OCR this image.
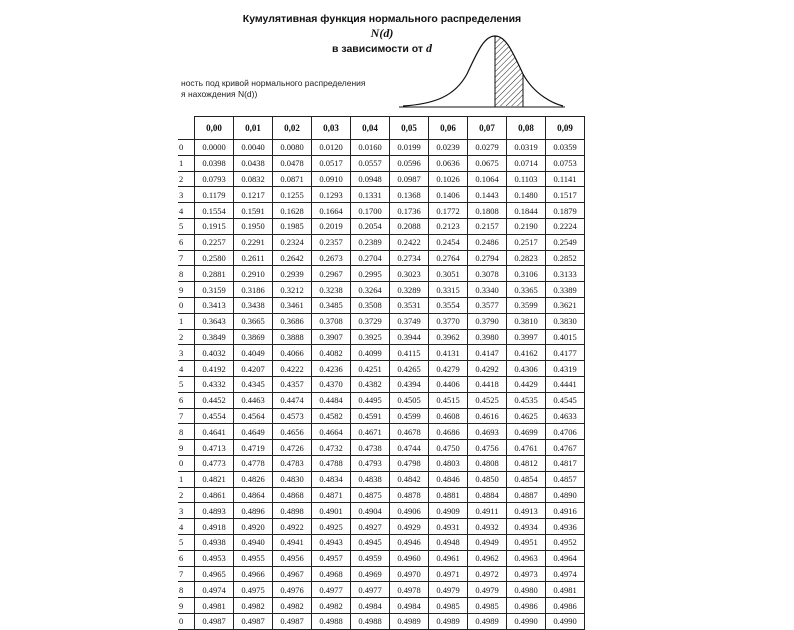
Кумулятивная функция нормального распределения N(d)
в зависимости от d
ность под кривой нормального распределения
я нахождения N(d))
	0,00	0,01	0,02	0,03	0,04	0,05	0,06	0,07	0,08	0,09
0	0.0000	0.0040	0.0080	0.0120	0.0160	0.0199	0.0239	0.0279	0.0319	0.0359
1	0.0398	0.0438	0.0478	0.0517	0.0557	0.0596	0.0636	0.0675	0.0714	0.0753
2	0.0793	0.0832	0.0871	0.0910	0.0948	0.0987	0.1026	0.1064	0.1103	0.1141
3	0.1179	0.1217	0.1255	0.1293	0.1331	0.1368	0.1406	0.1443	0.1480	0.1517
4	0.1554	0.1591	0.1628	0.1664	0.1700	0.1736	0.1772	0.1808	0.1844	0.1879
5	0.1915	0.1950	0.1985	0.2019	0.2054	0.2088	0.2123	0.2157	0.2190	0.2224
6	0.2257	0.2291	0.2324	0.2357	0.2389	0.2422	0.2454	0.2486	0.2517	0.2549
7	0.2580	0.2611	0.2642	0.2673	0.2704	0.2734	0.2764	0.2794	0.2823	0.2852
8	0.2881	0.2910	0.2939	0.2967	0.2995	0.3023	0.3051	0.3078	0.3106	0.3133
9	0.3159	0.3186	0.3212	0.3238	0.3264	0.3289	0.3315	0.3340	0.3365	0.3389
0	0.3413	0.3438	0.3461	0.3485	0.3508	0.3531	0.3554	0.3577	0.3599	0.3621
1	0.3643	0.3665	0.3686	0.3708	0.3729	0.3749	0.3770	0.3790	0.3810	0.3830
2	0.3849	0.3869	0.3888	0.3907	0.3925	0.3944	0.3962	0.3980	0.3997	0.4015
3	0.4032	0.4049	0.4066	0.4082	0.4099	0.4115	0.4131	0.4147	0.4162	0.4177
4	0.4192	0.4207	0.4222	0.4236	0.4251	0.4265	0.4279	0.4292	0.4306	0.4319
5	0.4332	0.4345	0.4357	0.4370	0.4382	0.4394	0.4406	0.4418	0.4429	0.4441
6	0.4452	0.4463	0.4474	0.4484	0.4495	0.4505	0.4515	0.4525	0.4535	0.4545
7	0.4554	0.4564	0.4573	0.4582	0.4591	0.4599	0.4608	0.4616	0.4625	0.4633
8	0.4641	0.4649	0.4656	0.4664	0.4671	0.4678	0.4686	0.4693	0.4699	0.4706
9	0.4713	0.4719	0.4726	0.4732	0.4738	0.4744	0.4750	0.4756	0.4761	0.4767
0	0.4773	0.4778	0.4783	0.4788	0.4793	0.4798	0.4803	0.4808	0.4812	0.4817
1	0.4821	0.4826	0.4830	0.4834	0.4838	0.4842	0.4846	0.4850	0.4854	0.4857
2	0.4861	0.4864	0.4868	0.4871	0.4875	0.4878	0.4881	0.4884	0.4887	0.4890
3	0.4893	0.4896	0.4898	0.4901	0.4904	0.4906	0.4909	0.4911	0.4913	0.4916
4	0.4918	0.4920	0.4922	0.4925	0.4927	0.4929	0.4931	0.4932	0.4934	0.4936
5	0.4938	0.4940	0.4941	0.4943	0.4945	0.4946	0.4948	0.4949	0.4951	0.4952
6	0.4953	0.4955	0.4956	0.4957	0.4959	0.4960	0.4961	0.4962	0.4963	0.4964
7	0.4965	0.4966	0.4967	0.4968	0.4969	0.4970	0.4971	0.4972	0.4973	0.4974
8	0.4974	0.4975	0.4976	0.4977	0.4977	0.4978	0.4979	0.4979	0.4980	0.4981
9	0.4981	0.4982	0.4982	0.4982	0.4984	0.4984	0.4985	0.4985	0.4986	0.4986
0	0.4987	0.4987	0.4987	0.4988	0.4988	0.4989	0.4989	0.4989	0.4990	0.4990
